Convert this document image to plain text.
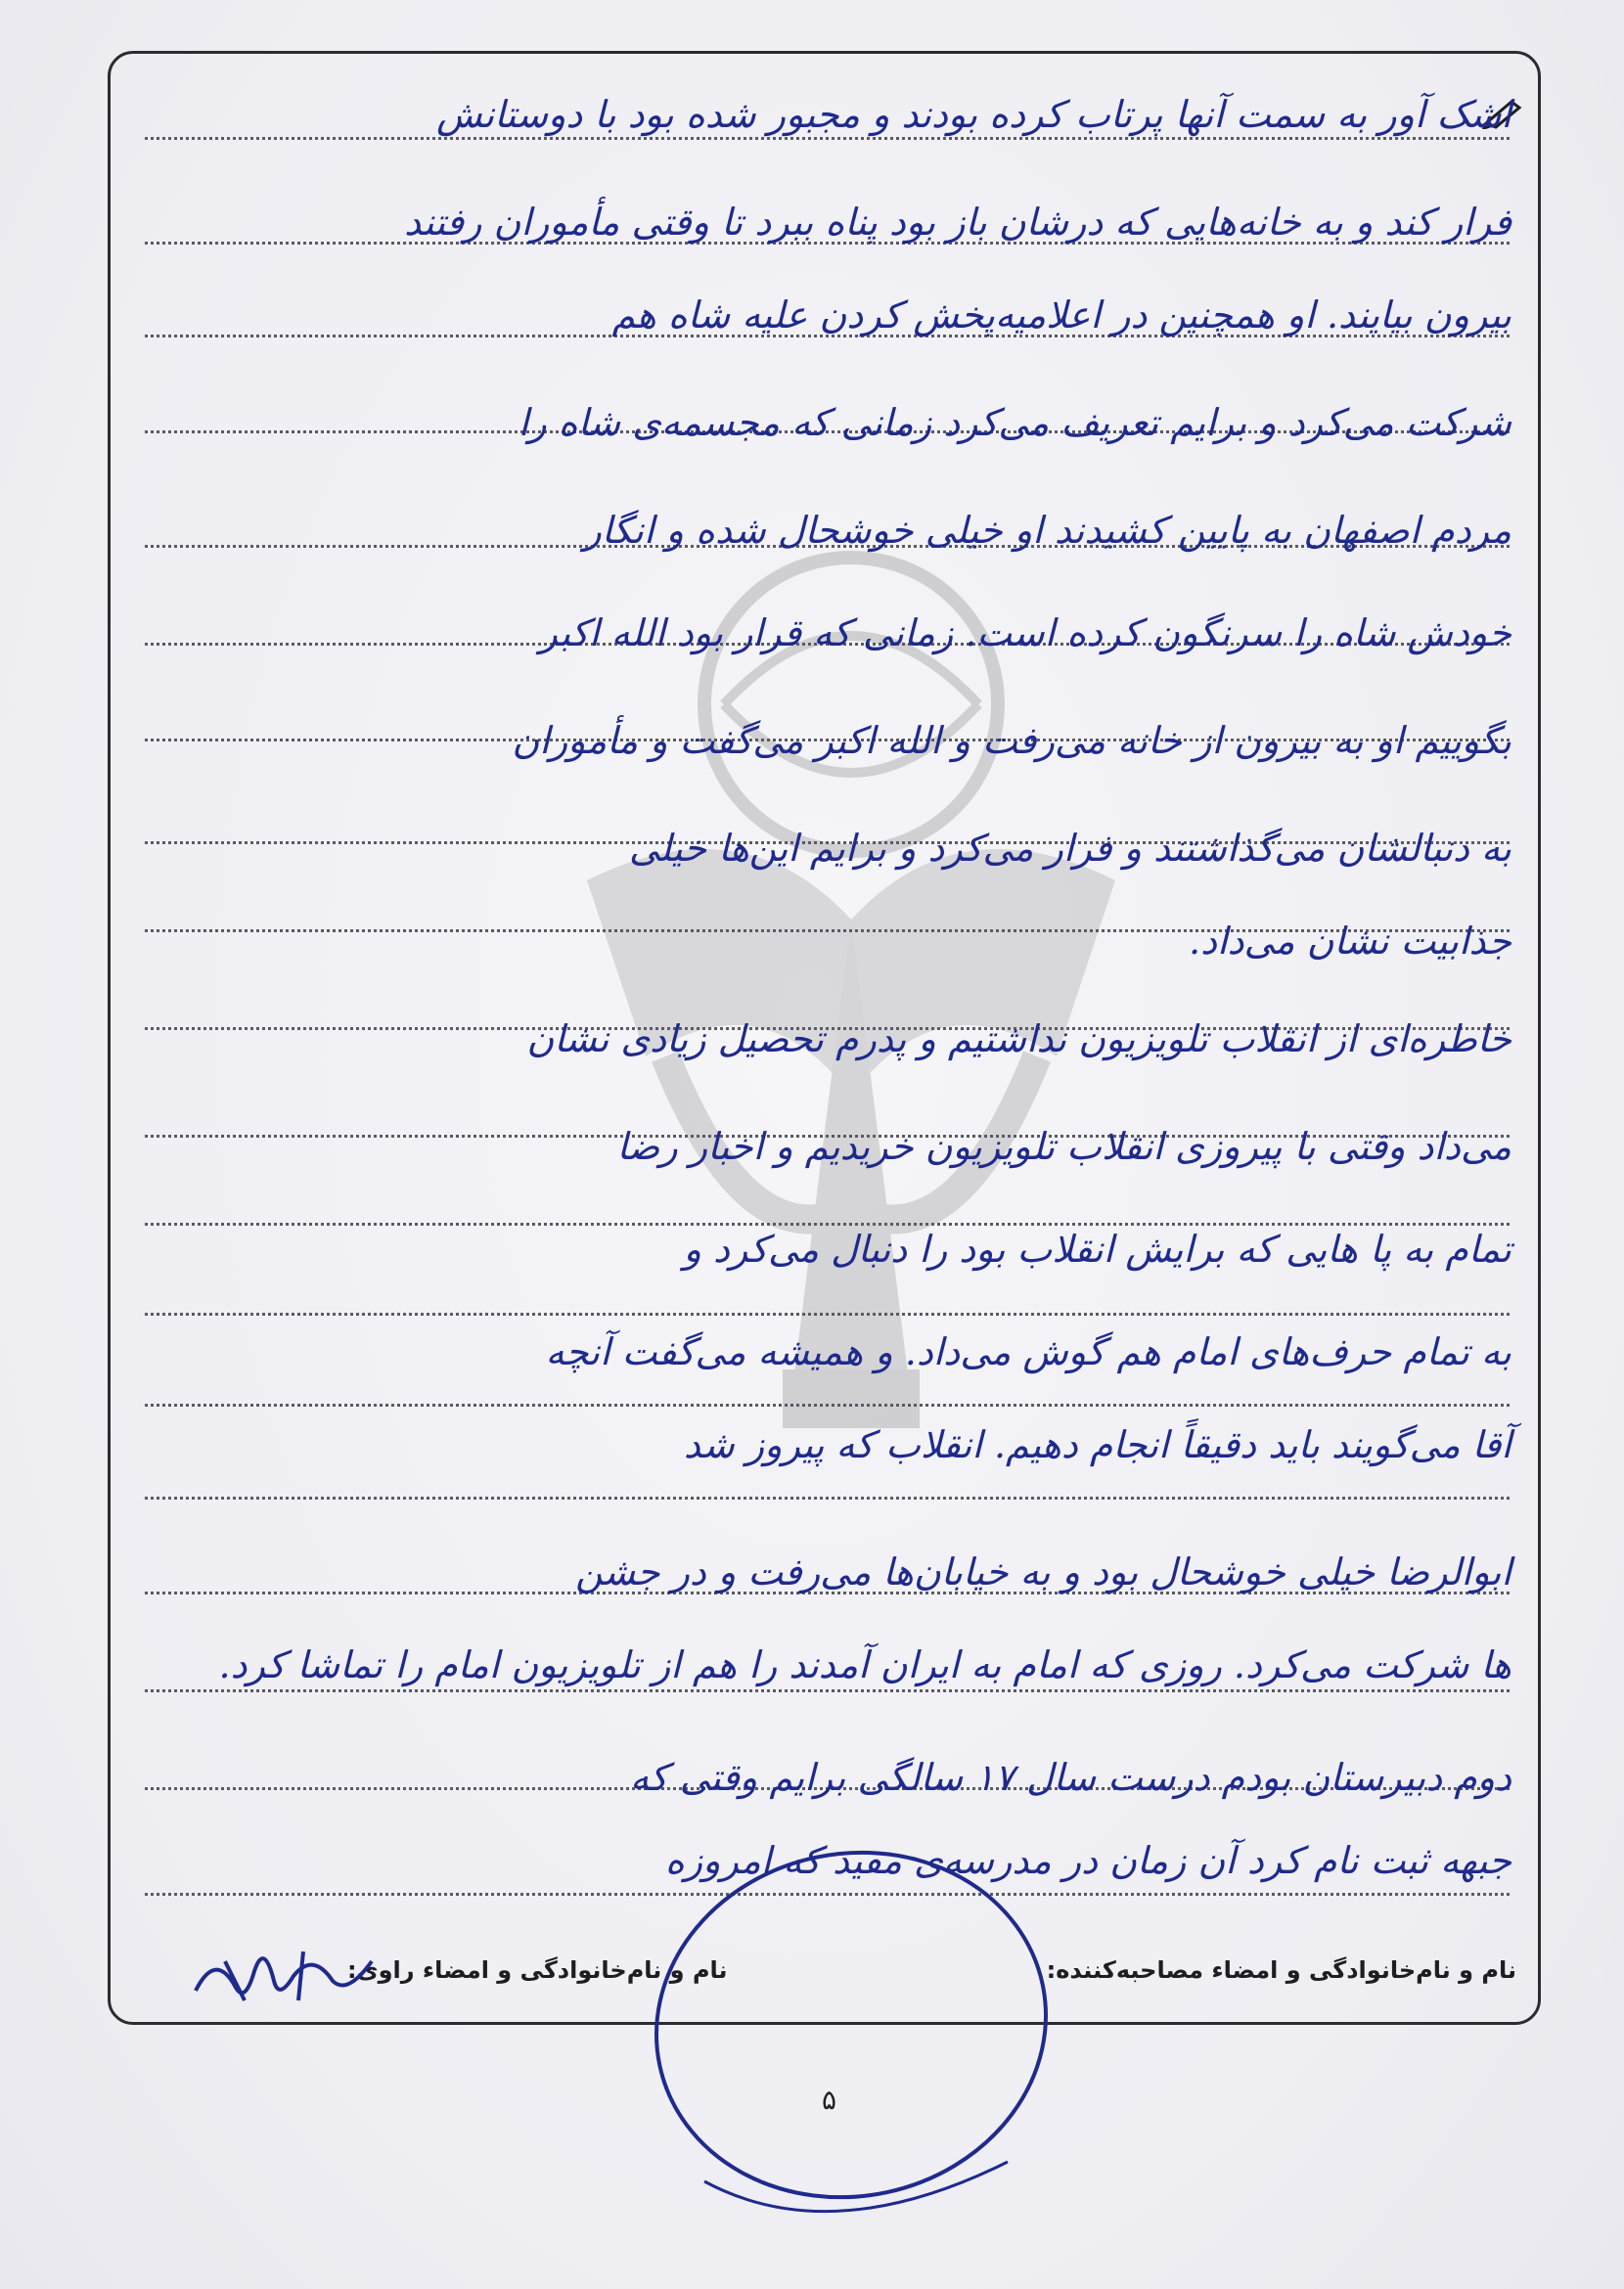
اشک آور به سمت آنها پرتاب کرده بودند و مجبور شده بود با دوستانش
فرار کند و به خانه‌هایی که درشان باز بود پناه ببرد تا وقتی مأموران رفتند
بیرون بیایند. او همچنین در اعلامیه‌پخش کردن علیه شاه هم
شرکت می‌کرد و برایم تعریف می‌کرد زمانی که مجسمه‌ی شاه را
مردم اصفهان به پایین کشیدند او خیلی خوشحال شده و انگار
خودش شاه را سرنگون کرده است. زمانی که قرار بود الله اکبر
بگوییم او به بیرون از خانه می‌رفت و الله اکبر می‌گفت و مأموران
به دنبالشان می‌گذاشتند و فرار می‌کرد و برایم این‌ها خیلی
جذابیت نشان می‌داد.
خاطره‌ای از انقلاب تلویزیون نداشتیم و پدرم تحصیل زیادی نشان
می‌داد وقتی با پیروزی انقلاب تلویزیون خریدیم و اخبار رضا
تمام به پا هایی که برایش انقلاب بود را دنبال می‌کرد و
به تمام حرف‌های امام هم گوش می‌داد. و همیشه می‌گفت آنچه
آقا می‌گویند باید دقیقاً انجام دهیم. انقلاب که پیروز شد
ابوالرضا خیلی خوشحال بود و به خیابان‌ها می‌رفت و در جشن
ها شرکت می‌کرد. روزی که امام به ایران آمدند را هم از تلویزیون امام را تماشا کرد.
دوم دبیرستان بودم درست سال ۱۷ سالگی برایم وقتی که
جبهه ثبت نام کرد آن زمان در مدرسه‌ی مفید که امروزه
نام و نام‌خانوادگی و امضاء مصاحبه‌کننده:
نام و نام‌خانوادگی و امضاء راوی:
۵
